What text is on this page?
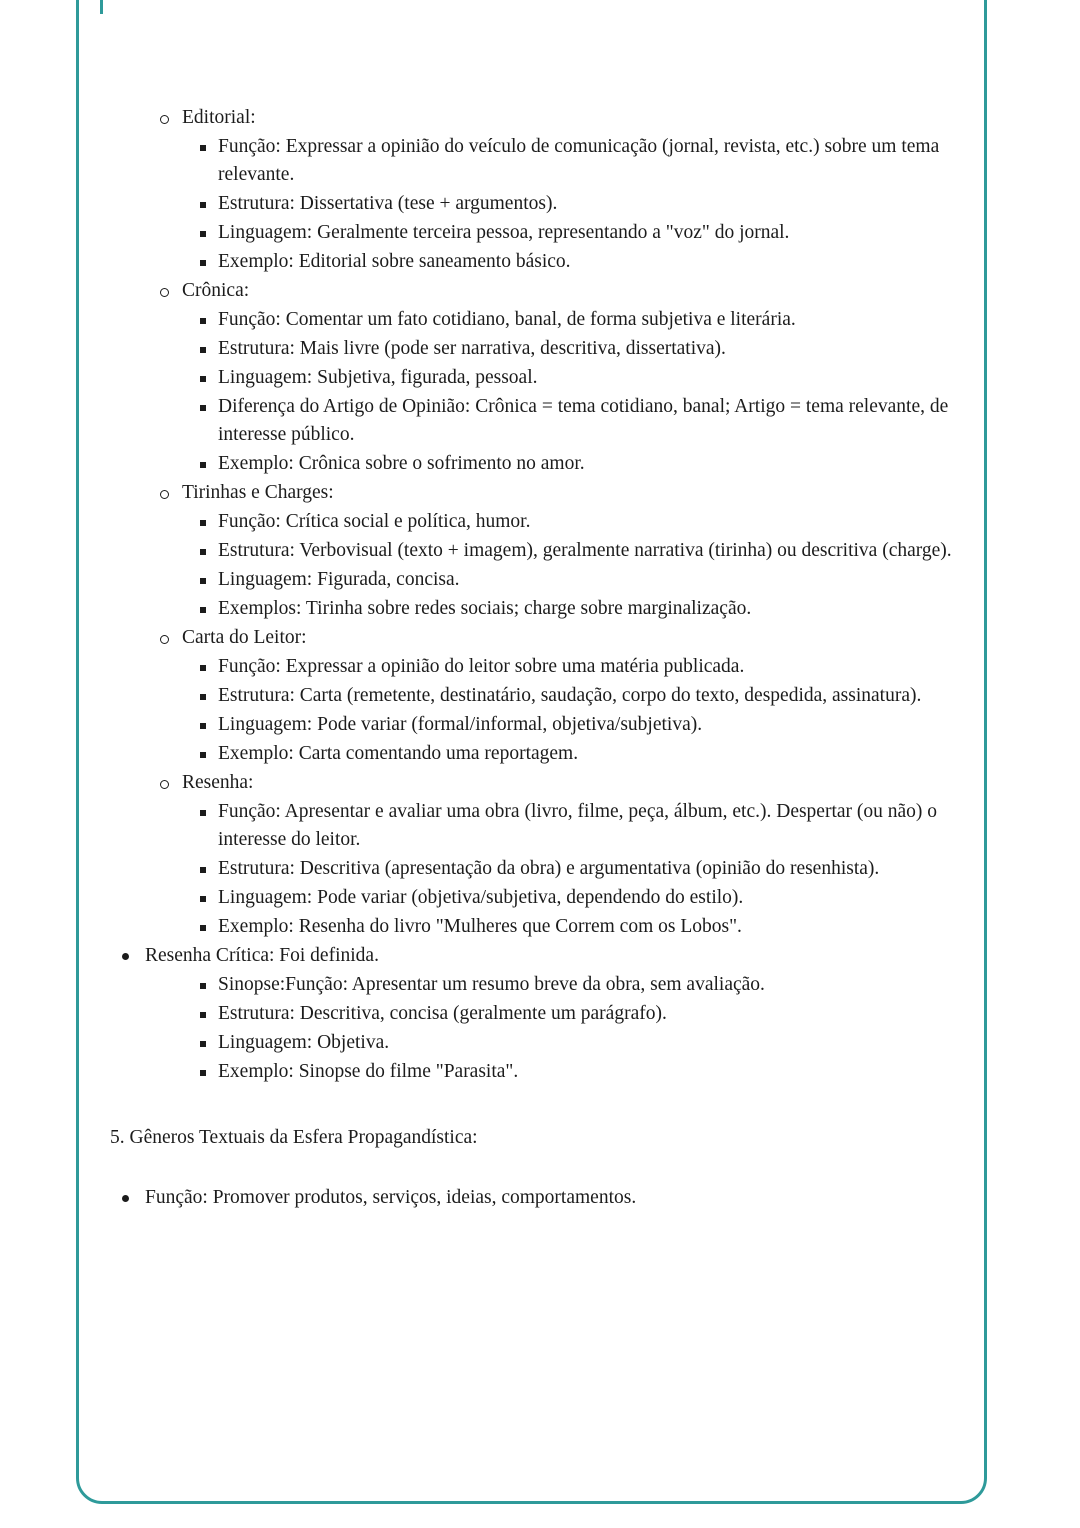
Editorial:
Função: Expressar a opinião do veículo de comunicação (jornal, revista, etc.) sobre um tema relevante.
Estrutura: Dissertativa (tese + argumentos).
Linguagem: Geralmente terceira pessoa, representando a "voz" do jornal.
Exemplo: Editorial sobre saneamento básico.
Crônica:
Função: Comentar um fato cotidiano, banal, de forma subjetiva e literária.
Estrutura: Mais livre (pode ser narrativa, descritiva, dissertativa).
Linguagem: Subjetiva, figurada, pessoal.
Diferença do Artigo de Opinião: Crônica = tema cotidiano, banal; Artigo = tema relevante, de interesse público.
Exemplo: Crônica sobre o sofrimento no amor.
Tirinhas e Charges:
Função: Crítica social e política, humor.
Estrutura: Verbovisual (texto + imagem), geralmente narrativa (tirinha) ou descritiva (charge).
Linguagem: Figurada, concisa.
Exemplos: Tirinha sobre redes sociais; charge sobre marginalização.
Carta do Leitor:
Função: Expressar a opinião do leitor sobre uma matéria publicada.
Estrutura: Carta (remetente, destinatário, saudação, corpo do texto, despedida, assinatura).
Linguagem: Pode variar (formal/informal, objetiva/subjetiva).
Exemplo: Carta comentando uma reportagem.
Resenha:
Função: Apresentar e avaliar uma obra (livro, filme, peça, álbum, etc.). Despertar (ou não) o interesse do leitor.
Estrutura: Descritiva (apresentação da obra) e argumentativa (opinião do resenhista).
Linguagem: Pode variar (objetiva/subjetiva, dependendo do estilo).
Exemplo: Resenha do livro "Mulheres que Correm com os Lobos".
Resenha Crítica: Foi definida.
Sinopse:Função: Apresentar um resumo breve da obra, sem avaliação.
Estrutura: Descritiva, concisa (geralmente um parágrafo).
Linguagem: Objetiva.
Exemplo: Sinopse do filme "Parasita".
5. Gêneros Textuais da Esfera Propagandística:
Função: Promover produtos, serviços, ideias, comportamentos.
